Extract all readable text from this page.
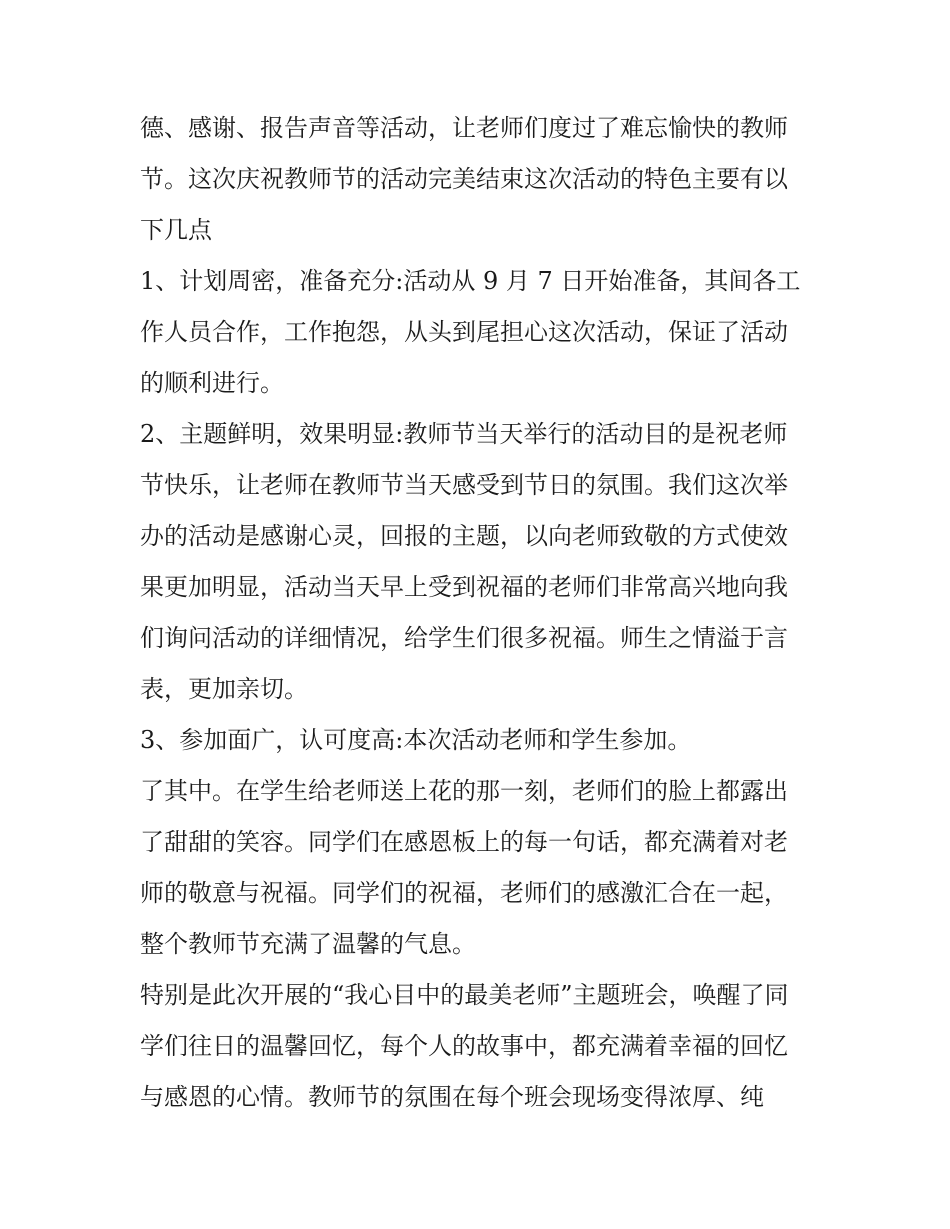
德、感谢、报告声音等活动，让老师们度过了难忘愉快的教师
节。这次庆祝教师节的活动完美结束这次活动的特色主要有以
下几点
1、计划周密，准备充分:活动从 9 月 7 日开始准备，其间各工
作人员合作，工作抱怨，从头到尾担心这次活动，保证了活动
的顺利进行。
2、主题鲜明，效果明显:教师节当天举行的活动目的是祝老师
节快乐，让老师在教师节当天感受到节日的氛围。我们这次举
办的活动是感谢心灵，回报的主题，以向老师致敬的方式使效
果更加明显，活动当天早上受到祝福的老师们非常高兴地向我
们询问活动的详细情况，给学生们很多祝福。师生之情溢于言
表，更加亲切。
3、参加面广，认可度高:本次活动老师和学生参加。
了其中。在学生给老师送上花的那一刻，老师们的脸上都露出
了甜甜的笑容。同学们在感恩板上的每一句话，都充满着对老
师的敬意与祝福。同学们的祝福，老师们的感激汇合在一起，
整个教师节充满了温馨的气息。
特别是此次开展的“我心目中的最美老师”主题班会，唤醒了同
学们往日的温馨回忆，每个人的故事中，都充满着幸福的回忆
与感恩的心情。教师节的氛围在每个班会现场变得浓厚、纯
